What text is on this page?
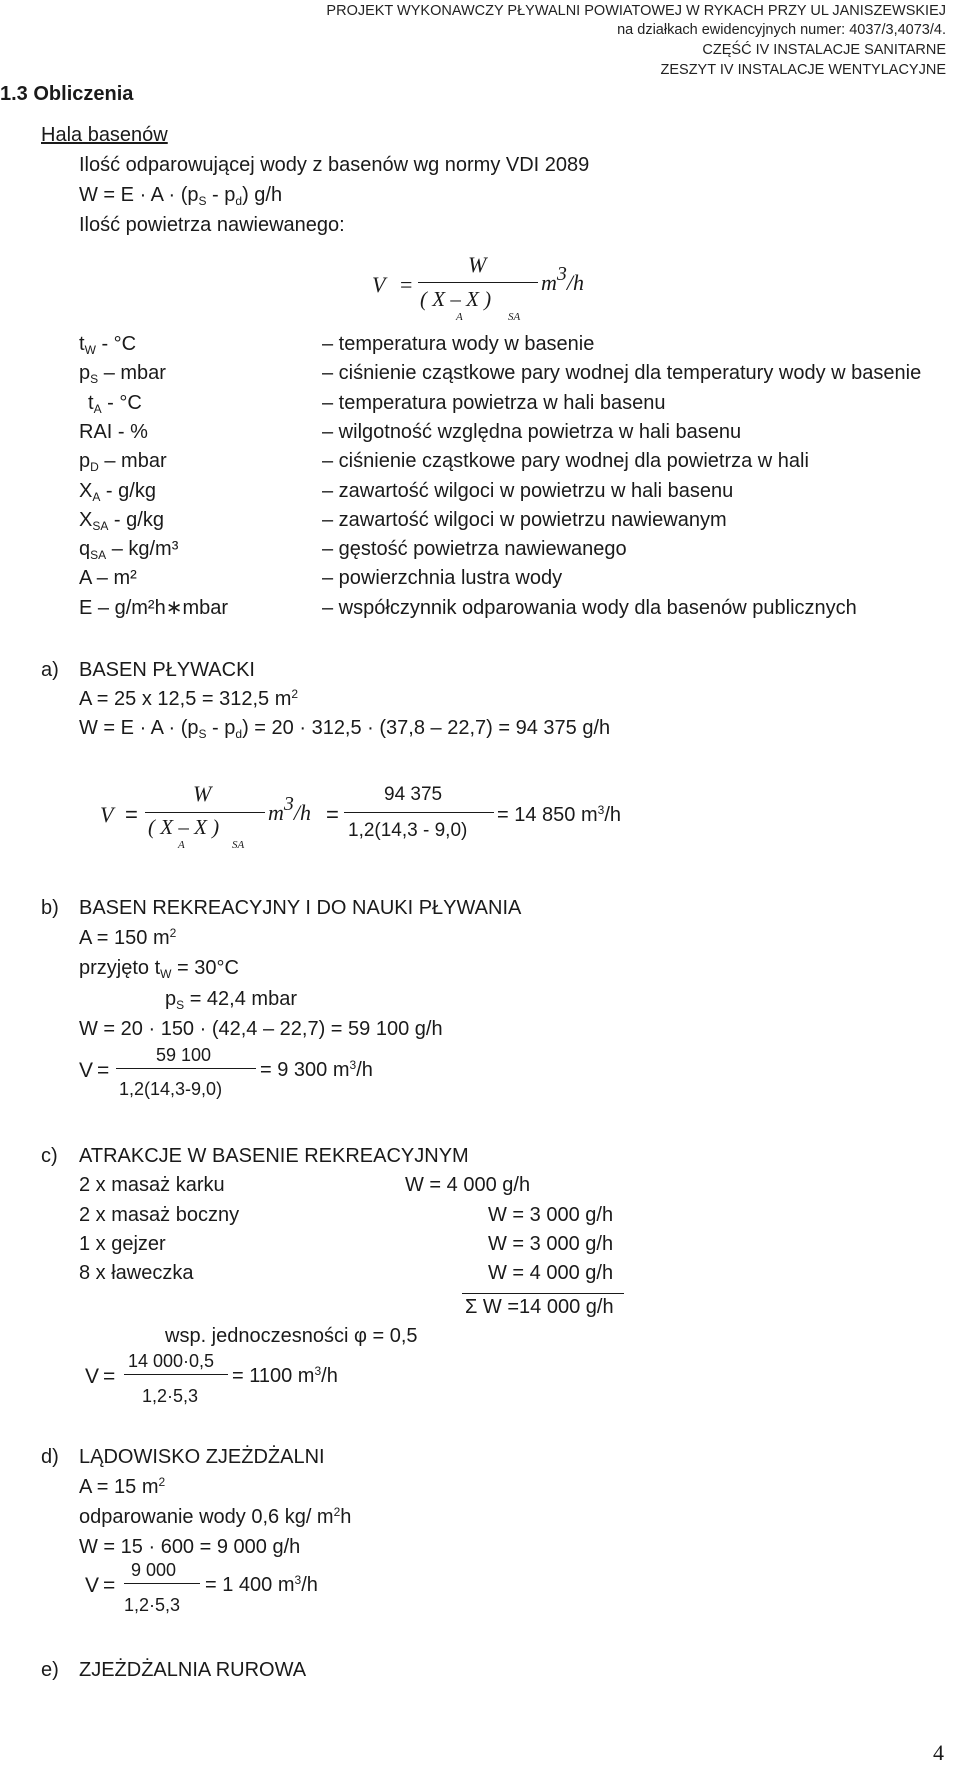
PROJEKT WYKONAWCZY PŁYWALNI POWIATOWEJ W RYKACH PRZY UL JANISZEWSKIEJ
na działkach ewidencyjnych numer: 4037/3,4073/4.
CZĘŚĆ IV INSTALACJE SANITARNE
ZESZYT IV INSTALACJE WENTYLACYJNE
1.3 Obliczenia
Hala basenów
Ilość odparowującej wody z basenów wg normy VDI 2089
$W = E \cdot A \cdot (p_S - p_d)$ g/h
Ilość powietrza nawiewanego:
V =
W
( X – X )
A	SA
m3/h
$t_W - ^\circ C$	– temperatura wody w basenie
$p_S$ – mbar	– ciśnienie cząstkowe pary wodnej dla temperatury wody w basenie
$t_A - ^\circ C$	– temperatura powietrza w hali basenu
RAI - %	– wilgotność względna powietrza w hali basenu
$p_D$ – mbar	– ciśnienie cząstkowe pary wodnej dla powietrza w hali
$X_A - g/kg$	– zawartość wilgoci w powietrzu w hali basenu
$X_{SA} - g/kg$	– zawartość wilgoci w powietrzu nawiewanym
$q_{SA} - kg/m^3$	– gęstość powietrza nawiewanego
A – m²	– powierzchnia lustra wody
E – g/m²h∗mbar	– współczynnik odparowania wody dla basenów publicznych
a) BASEN PŁYWACKI
A = 25 x 12,5 = 312,5 $m^2$
$W = E \cdot A \cdot (p_S - p_d) = 20 \cdot 312,5 \cdot (37,8 - 22,7) = 94$ 375 g/h
V =
W
( X – X )
A	SA
m3/h =
94 375
1,2(14,3 - 9,0)
= 14 850 $m^3/h$
b) BASEN REKREACYJNY I DO NAUKI PŁYWANIA
A = 150 $m^2$
przyjęto $t_W = 30^\circ C$
$p_S = 42,4$ mbar
W = 20 · 150 · (42,4 – 22,7) = 59 100 g/h
V =
59 100
1,2(14,3-9,0)
= 9 300 $m^3/h$
c) ATRAKCJE W BASENIE REKREACYJNYM
2 x masaż karku	W = 4 000 g/h
2 x masaż boczny	W = 3 000 g/h
1 x gejzer	W = 3 000 g/h
8 x ławeczka	W = 4 000 g/h
Σ W =14 000 g/h
wsp. jednoczesności φ = 0,5
V =
14 000·0,5
1,2·5,3
= 1100 $m^3/h$
d) LĄDOWISKO ZJEŻDŻALNI
A = 15 $m^2$
odparowanie wody 0,6 kg/ $m^2h$
W = 15 · 600 = 9 000 g/h
V =
9 000
1,2·5,3
= 1 400 $m^3/h$
e) ZJEŻDŻALNIA RUROWA
4
